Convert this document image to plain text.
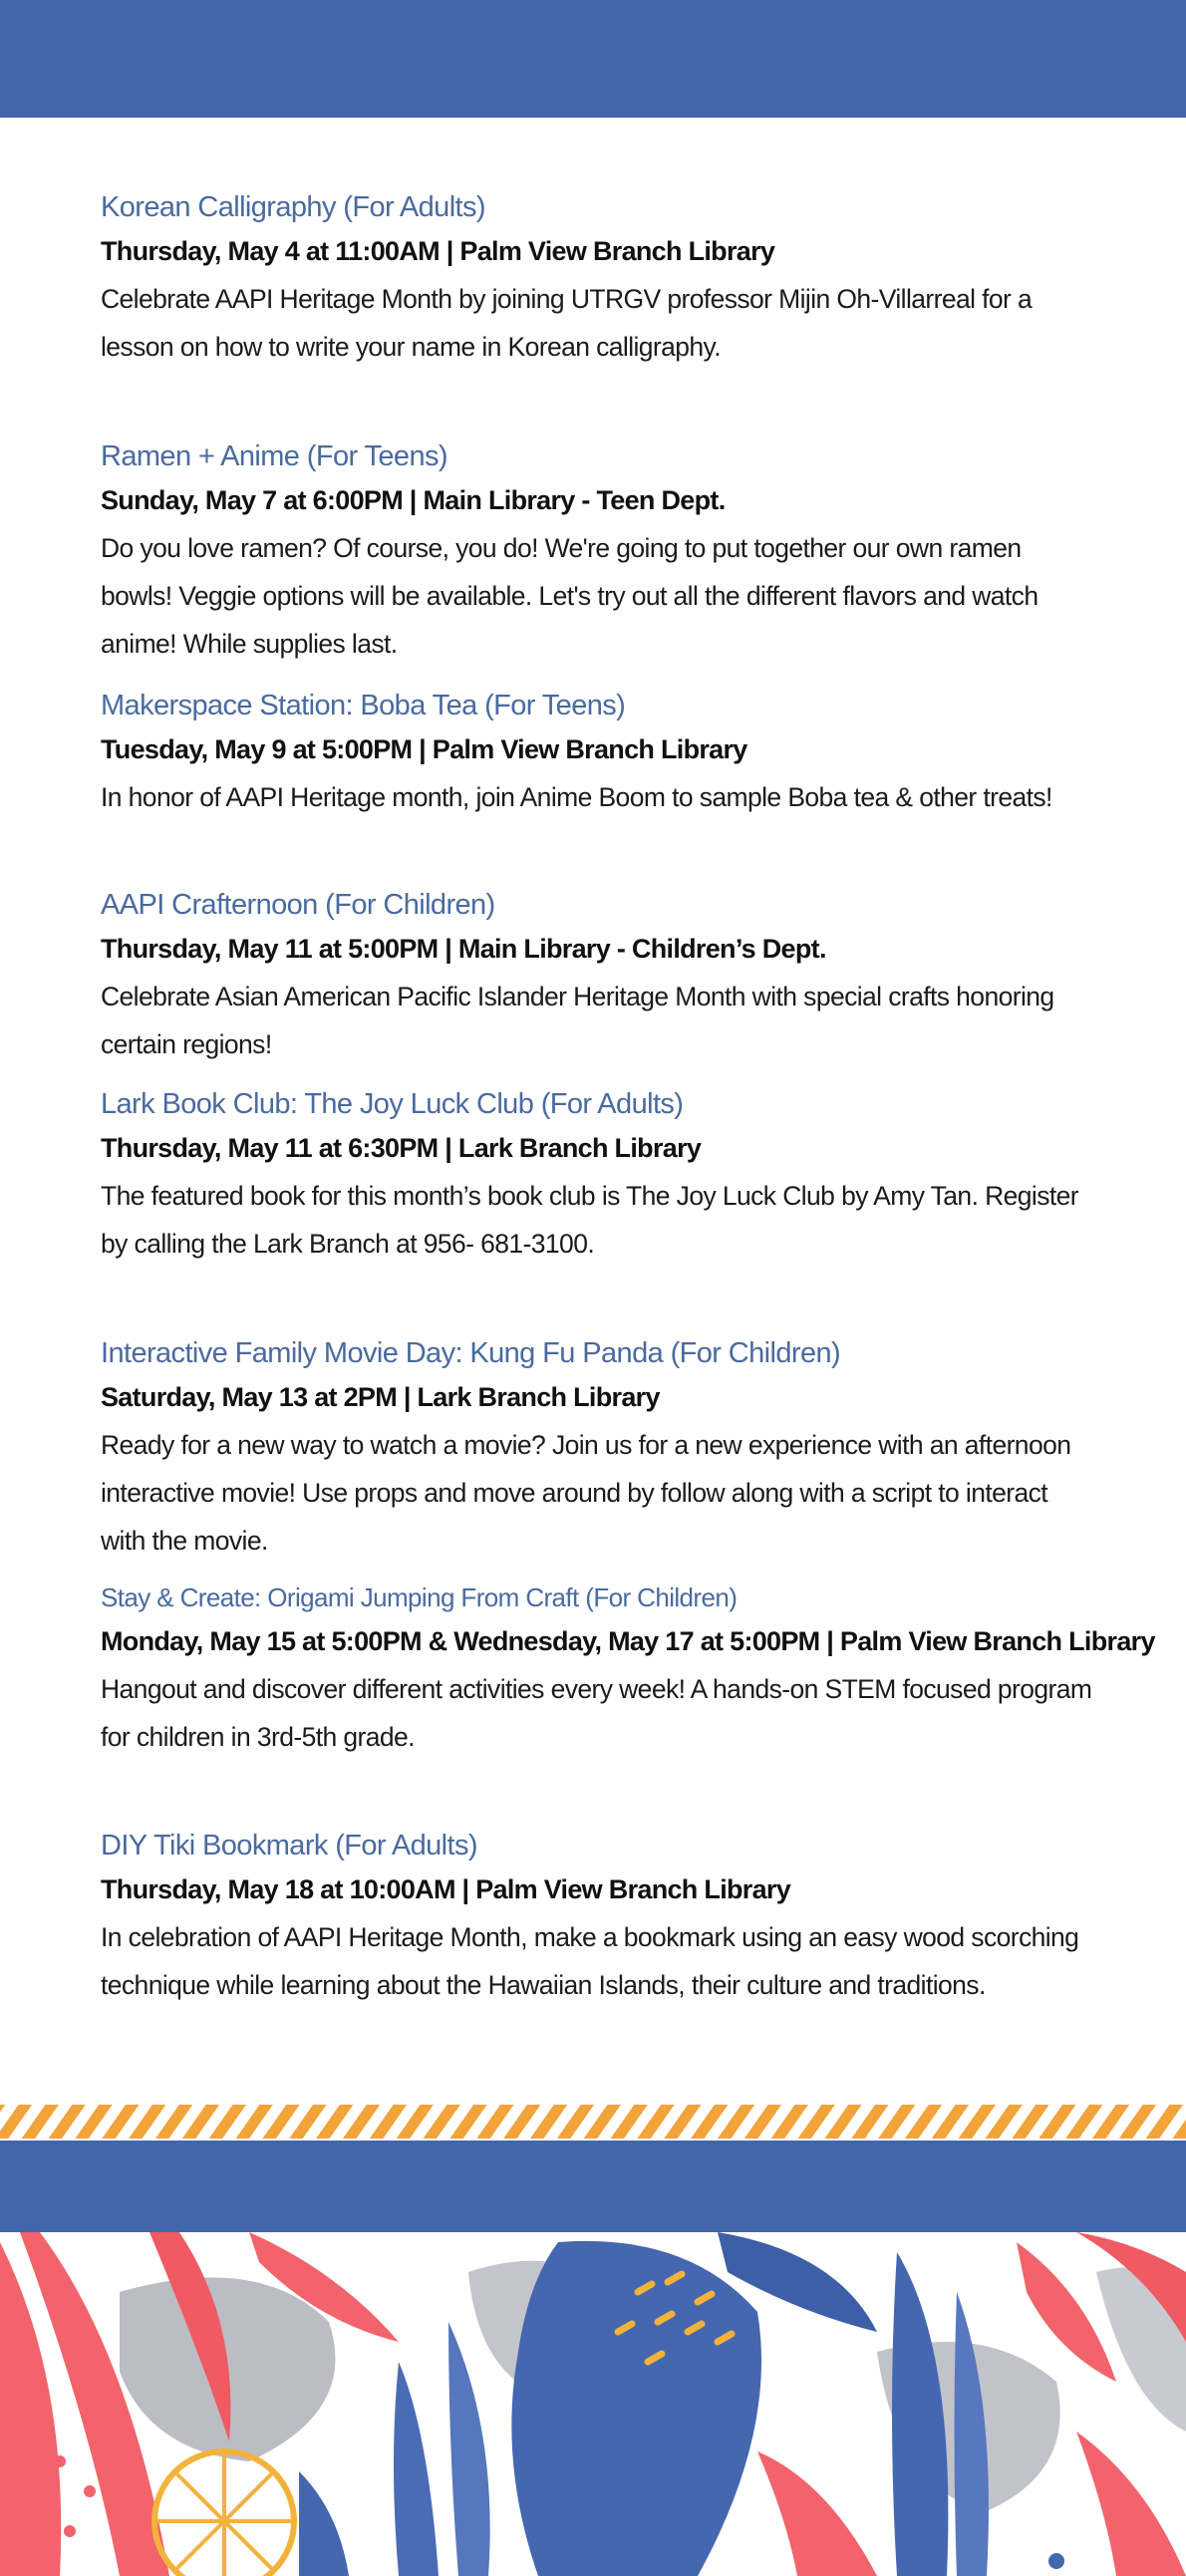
Korean Calligraphy (For Adults)
Thursday, May 4 at 11:00AM | Palm View Branch Library
Celebrate AAPI Heritage Month by joining UTRGV professor Mijin Oh-Villarreal for a lesson on how to write your name in Korean calligraphy.
Ramen + Anime (For Teens)
Sunday, May 7 at 6:00PM | Main Library - Teen Dept.
Do you love ramen? Of course, you do! We're going to put together our own ramen bowls! Veggie options will be available. Let's try out all the different flavors and watch anime! While supplies last.
Makerspace Station: Boba Tea (For Teens)
Tuesday, May 9 at 5:00PM | Palm View Branch Library
In honor of AAPI Heritage month, join Anime Boom to sample Boba tea & other treats!
AAPI Crafternoon (For Children)
Thursday, May 11 at 5:00PM | Main Library - Children’s Dept.
Celebrate Asian American Pacific Islander Heritage Month with special crafts honoring certain regions!
Lark Book Club: The Joy Luck Club (For Adults)
Thursday, May 11 at 6:30PM | Lark Branch Library
The featured book for this month’s book club is The Joy Luck Club by Amy Tan. Register by calling the Lark Branch at 956- 681-3100.
Interactive Family Movie Day: Kung Fu Panda (For Children)
Saturday, May 13 at 2PM | Lark Branch Library
Ready for a new way to watch a movie? Join us for a new experience with an afternoon interactive movie! Use props and move around by follow along with a script to interact with the movie.
Stay & Create: Origami Jumping From Craft (For Children)
Monday, May 15 at 5:00PM & Wednesday, May 17 at 5:00PM | Palm View Branch Library
Hangout and discover different activities every week! A hands-on STEM focused program for children in 3rd-5th grade.
DIY Tiki Bookmark (For Adults)
Thursday, May 18 at 10:00AM | Palm View Branch Library
In celebration of AAPI Heritage Month, make a bookmark using an easy wood scorching technique while learning about the Hawaiian Islands, their culture and traditions.
